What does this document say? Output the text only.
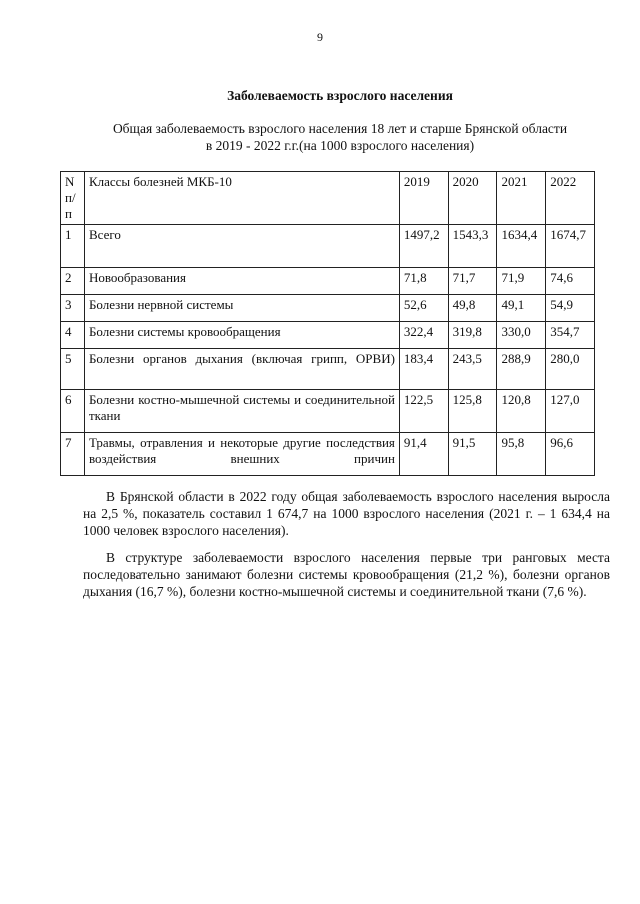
9
Заболеваемость взрослого населения
Общая заболеваемость взрослого населения 18 лет и старше Брянской области
в 2019 - 2022 г.г.(на 1000 взрослого населения)
N п/п	Классы болезней МКБ-10	2019	2020	2021	2022
1	Всего	1497,2	1543,3	1634,4	1674,7
2	Новообразования	71,8	71,7	71,9	74,6
3	Болезни нервной системы	52,6	49,8	49,1	54,9
4	Болезни системы кровообращения	322,4	319,8	330,0	354,7
5	Болезни органов дыхания (включая грипп, ОРВИ)	183,4	243,5	288,9	280,0
6	Болезни костно-мышечной системы и соединительной ткани	122,5	125,8	120,8	127,0
7	Травмы, отравления и некоторые другие последствия воздействия внешних причин	91,4	91,5	95,8	96,6

В Брянской области в 2022 году общая заболеваемость взрослого населения выросла на 2,5 %, показатель составил 1 674,7 на 1000 взрослого населения (2021 г. – 1 634,4 на 1000 человек взрослого населения).

В структуре заболеваемости взрослого населения первые три ранговых места последовательно занимают болезни системы кровообращения (21,2 %), болезни органов дыхания (16,7 %), болезни костно-мышечной системы и соединительной ткани (7,6 %).
